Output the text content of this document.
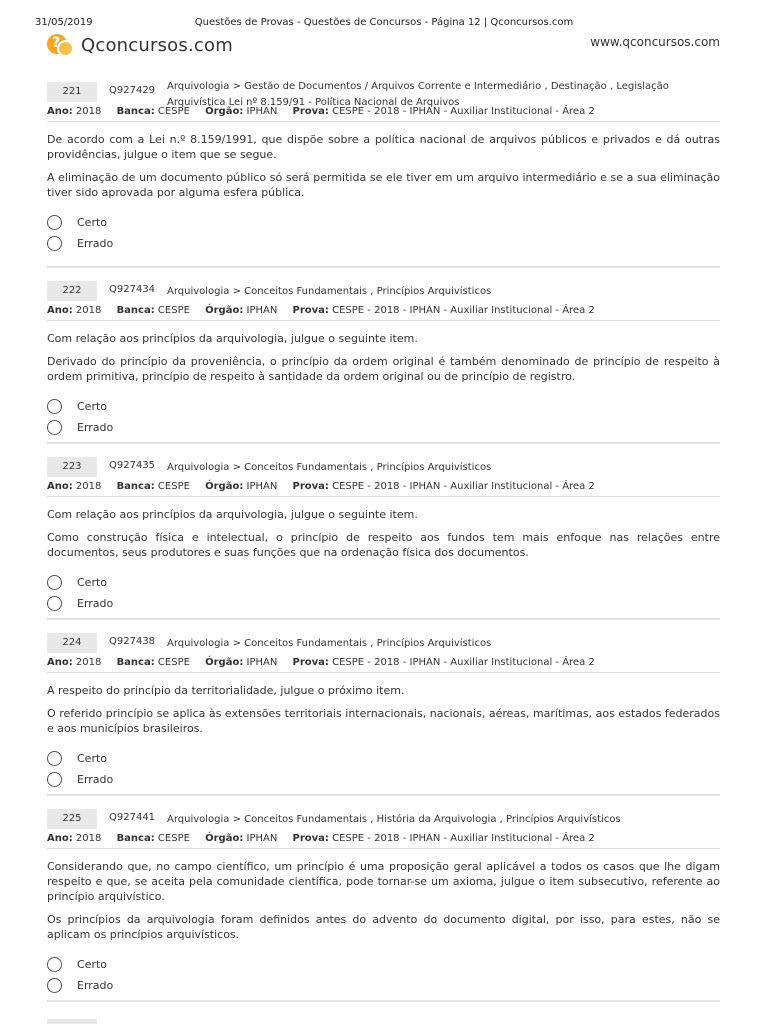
31/05/2019	Questões de Provas - Questões de Concursos - Página 12 | Qconcursos.com
? Qconcursos.com	www.qconcursos.com
221	Q927429 Arquivologia > Gestão de Documentos / Arquivos Corrente e Intermediário , Destinação , Legislação Arquivística Lei nº 8.159/91 - Política Nacional de Arquivos
Ano: 2018 Banca: CESPE Órgão: IPHAN Prova: CESPE - 2018 - IPHAN - Auxiliar Institucional - Área 2

De acordo com a Lei n.º 8.159/1991, que dispõe sobre a política nacional de arquivos públicos e privados e dá outras providências, julgue o item que se segue.

A eliminação de um documento público só será permitida se ele tiver em um arquivo intermediário e se a sua eliminação tiver sido aprovada por alguma esfera pública.

Certo
Errado
222	Q927434 Arquivologia > Conceitos Fundamentais , Princípios Arquivísticos
Ano: 2018 Banca: CESPE Órgão: IPHAN Prova: CESPE - 2018 - IPHAN - Auxiliar Institucional - Área 2

Com relação aos princípios da arquivologia, julgue o seguinte item.

Derivado do princípio da proveniência, o princípio da ordem original é também denominado de princípio de respeito à ordem primitiva, princípio de respeito à santidade da ordem original ou de princípio de registro.

Certo
Errado
223	Q927435 Arquivologia > Conceitos Fundamentais , Princípios Arquivísticos
Ano: 2018 Banca: CESPE Órgão: IPHAN Prova: CESPE - 2018 - IPHAN - Auxiliar Institucional - Área 2

Com relação aos princípios da arquivologia, julgue o seguinte item.

Como construção física e intelectual, o princípio de respeito aos fundos tem mais enfoque nas relações entre documentos, seus produtores e suas funções que na ordenação física dos documentos.

Certo
Errado
224	Q927438 Arquivologia > Conceitos Fundamentais , Princípios Arquivísticos
Ano: 2018 Banca: CESPE Órgão: IPHAN Prova: CESPE - 2018 - IPHAN - Auxiliar Institucional - Área 2

A respeito do princípio da territorialidade, julgue o próximo item.

O referido princípio se aplica às extensões territoriais internacionais, nacionais, aéreas, marítimas, aos estados federados e aos municípios brasileiros.

Certo
Errado
225	Q927441 Arquivologia > Conceitos Fundamentais , História da Arquivologia , Princípios Arquivísticos
Ano: 2018 Banca: CESPE Órgão: IPHAN Prova: CESPE - 2018 - IPHAN - Auxiliar Institucional - Área 2

Considerando que, no campo científico, um princípio é uma proposição geral aplicável a todos os casos que lhe digam respeito e que, se aceita pela comunidade científica, pode tornar-se um axioma, julgue o item subsecutivo, referente ao princípio arquivístico.

Os princípios da arquivologia foram definidos antes do advento do documento digital, por isso, para estes, não se aplicam os princípios arquivísticos.

Certo
Errado
